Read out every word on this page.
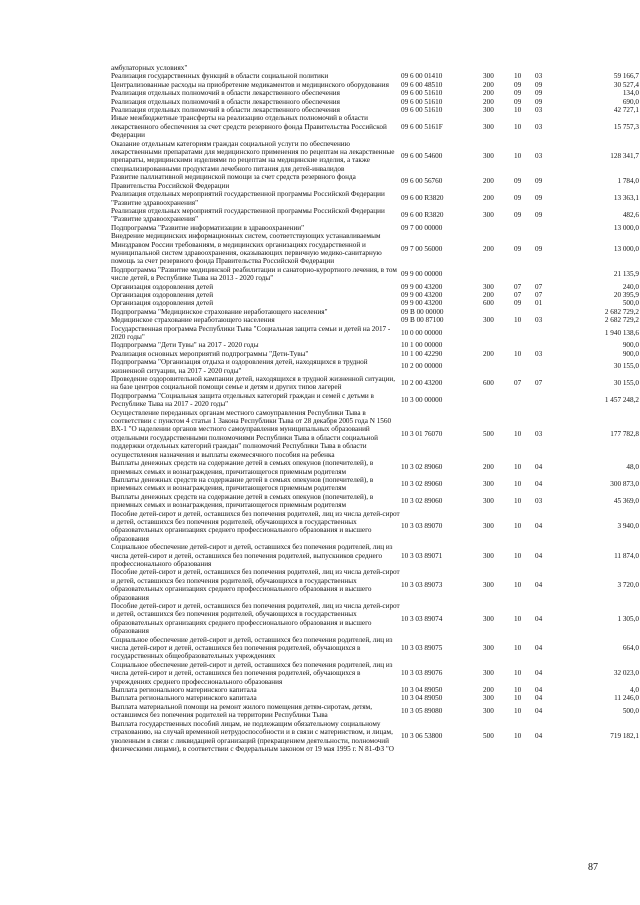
амбулаторных условиях"					
Реализация государственных функций в области социальной политики	09 6 00 01410	300	10	03	59 166,7
Централизованные расходы на приобретение медикаментов и медицинского оборудования	09 6 00 48510	200	09	09	30 527,4
Реализация отдельных полномочий в области лекарственного обеспечения	09 6 00 51610	200	09	09	134,0
Реализация отдельных полномочий в области лекарственного обеспечения	09 6 00 51610	200	09	09	690,0
Реализация отдельных полномочий в области лекарственного обеспечения	09 6 00 51610	300	10	03	42 727,1
Иные межбюджетные трансферты на реализацию отдельных полномочий в области лекарственного обеспечения за счет средств резервного фонда Правительства Российской Федерации	09 6 00 5161F	300	10	03	15 757,3
Оказание отдельным категориям граждан социальной услуги по обеспечению лекарственными препаратами для медицинского применения по рецептам на лекарственные препараты, медицинскими изделиями по рецептам на медицинские изделия, а также специализированными продуктами лечебного питания для детей-инвалидов	09 6 00 54600	300	10	03	128 341,7
Развитие паллиативной медицинской помощи за счет средств резервного фонда Правительства Российской Федерации	09 6 00 56760	200	09	09	1 784,0
Реализация отдельных мероприятий государственной программы Российской Федерации "Развитие здравоохранения"	09 6 00 R3820	200	09	09	13 363,1
Реализация отдельных мероприятий государственной программы Российской Федерации "Развитие здравоохранения"	09 6 00 R3820	300	09	09	482,6
Подпрограмма "Развитие информатизации в здравоохранении"	09 7 00 00000				13 000,0
Внедрение медицинских информационных систем, соответствующих устанавливаемым Минздравом России требованиям, в медицинских организациях государственной и муниципальной систем здравоохранения, оказывающих первичную медико-санитарную помощь за счет резервного фонда Правительства Российской Федерации	09 7 00 56000	200	09	09	13 000,0
Подпрограмма "Развитие медицинской реабилитации и санаторно-курортного лечения, в том числе детей, в Республике Тыва на 2013 - 2020 годы"	09 9 00 00000				21 135,9
Организация оздоровления детей	09 9 00 43200	300	07	07	240,0
Организация оздоровления детей	09 9 00 43200	200	07	07	20 395,9
Организация оздоровления детей	09 9 00 43200	600	09	01	500,0
Подпрограмма "Медицинское страхование неработающего населения"	09 В 00 00000				2 682 729,2
Медицинское страхование неработающего населения	09 В 00 87100	300	10	03	2 682 729,2
Государственная программа Республики Тыва "Социальная защита семьи и детей на 2017 - 2020 годы"	10 0 00 00000				1 940 138,6
Подпрограмма "Дети Тувы" на 2017 - 2020 годы	10 1 00 00000				900,0
Реализация основных мероприятий подпрограммы "Дети-Тувы"	10 1 00 42290	200	10	03	900,0
Подпрограмма "Организация отдыха и оздоровления детей, находящихся в трудной жизненной ситуации, на 2017 - 2020 годы"	10 2 00 00000				30 155,0
Проведение оздоровительной кампании детей, находящихся в трудной жизненной ситуации, на базе центров социальной помощи семье и детям и других типов лагерей	10 2 00 43200	600	07	07	30 155,0
Подпрограмма "Социальная защита отдельных категорий граждан и семей с детьми в Республике Тыва на 2017 - 2020 годы"	10 3 00 00000				1 457 248,2
Осуществление переданных органам местного самоуправления Республики Тыва в соответствии с пунктом 4 статьи 1 Закона Республики Тыва от 28 декабря 2005 года N 1560 ВХ-1 "О наделении органов местного самоуправления муниципальных образований отдельными государственными полномочиями Республики Тыва в области социальной поддержки отдельных категорий граждан" полномочий Республики Тыва в области осуществления назначения и выплаты ежемесячного пособия на ребенка	10 3 01 76070	500	10	03	177 782,8
Выплаты денежных средств на содержание детей в семьях опекунов (попечителей), в приемных семьях и вознаграждения, причитающегося приемным родителям	10 3 02 89060	200	10	04	48,0
Выплаты денежных средств на содержание детей в семьях опекунов (попечителей), в приемных семьях и вознаграждения, причитающегося приемным родителям	10 3 02 89060	300	10	04	300 873,0
Выплаты денежных средств на содержание детей в семьях опекунов (попечителей), в приемных семьях и вознаграждения, причитающегося приемным родителям	10 3 02 89060	300	10	03	45 369,0
Пособие детей-сирот и детей, оставшихся без попечения родителей, лиц из числа детей-сирот и детей, оставшихся без попечения родителей, обучающихся в государственных образовательных организациях среднего профессионального образования и высшего образования	10 3 03 89070	300	10	04	3 940,0
Социальное обеспечение детей-сирот и детей, оставшихся без попечения родителей, лиц из числа детей-сирот и детей, оставшихся без попечения родителей, выпускников среднего профессионального образования	10 3 03 89071	300	10	04	11 874,0
Пособие детей-сирот и детей, оставшихся без попечения родителей, лиц из числа детей-сирот и детей, оставшихся без попечения родителей, обучающихся в государственных образовательных организациях среднего профессионального образования и высшего образования	10 3 03 89073	300	10	04	3 720,0
Пособие детей-сирот и детей, оставшихся без попечения родителей, лиц из числа детей-сирот и детей, оставшихся без попечения родителей, обучающихся в государственных образовательных организациях среднего профессионального образования и высшего образования	10 3 03 89074	300	10	04	1 305,0
Социальное обеспечение детей-сирот и детей, оставшихся без попечения родителей, лиц из числа детей-сирот и детей, оставшихся без попечения родителей, обучающихся в государственных общеобразовательных учреждениях	10 3 03 89075	300	10	04	664,0
Социальное обеспечение детей-сирот и детей, оставшихся без попечения родителей, лиц из числа детей-сирот и детей, оставшихся без попечения родителей, обучающихся в учреждениях среднего профессионального образования	10 3 03 89076	300	10	04	32 023,0
Выплата регионального материнского капитала	10 3 04 89050	200	10	04	4,0
Выплата регионального материнского капитала	10 3 04 89050	300	10	04	11 246,0
Выплата материальной помощи на ремонт жилого помещения детям-сиротам, детям, оставшимся без попечения родителей на территории Республики Тыва	10 3 05 89080	300	10	04	500,0
Выплата государственных пособий лицам, не подлежащим обязательному социальному страхованию, на случай временной нетрудоспособности и в связи с материнством, и лицам, уволенным в связи с ликвидацией организаций (прекращением деятельности, полномочий физическими лицами), в соответствии с Федеральным законом от 19 мая 1995 г. N 81-ФЗ "О	10 3 06 53800	500	10	04	719 182,1
87
